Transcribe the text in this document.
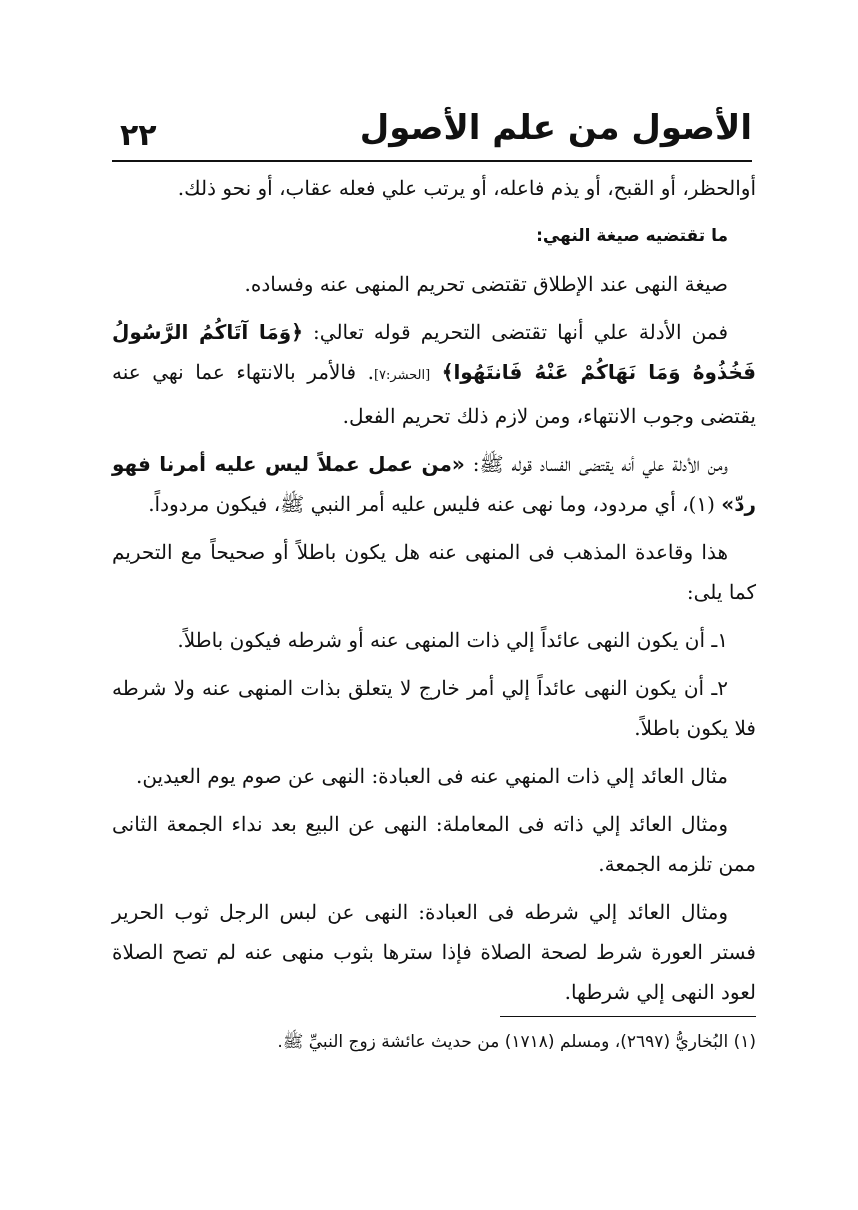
٢٢	الأصول من علم الأصول

أوالحظر، أو القبح، أو يذم فاعله، أو يرتب علي فعله عقاب، أو نحو ذلك.

ما تقتضيه صيغة النهي:

صيغة النهى عند الإطلاق تقتضى تحريم المنهى عنه وفساده.

فمن الأدلة علي أنها تقتضى التحريم قوله تعالي: ﴿وَمَا آتَاكُمُ الرَّسُولُ فَخُذُوهُ وَمَا نَهَاكُمْ عَنْهُ فَانتَهُوا﴾ [الحشر:٧]. فالأمر بالانتهاء عما نهي عنه يقتضى وجوب الانتهاء، ومن لازم ذلك تحريم الفعل.

ومن الأدلة علي أنه يقتضى الفساد قوله ﷺ: «من عمل عملاً ليس عليه أمرنا فهو ردّ» (١)، أي مردود، وما نهى عنه فليس عليه أمر النبي ﷺ، فيكون مردوداً.

هذا وقاعدة المذهب فى المنهى عنه هل يكون باطلاً أو صحيحاً مع التحريم كما يلى:

١ـ أن يكون النهى عائداً إلي ذات المنهى عنه أو شرطه فيكون باطلاً.

٢ـ أن يكون النهى عائداً إلي أمر خارج لا يتعلق بذات المنهى عنه ولا شرطه فلا يكون باطلاً.

مثال العائد إلي ذات المنهي عنه فى العبادة: النهى عن صوم يوم العيدين.

ومثال العائد إلي ذاته فى المعاملة: النهى عن البيع بعد نداء الجمعة الثانى ممن تلزمه الجمعة.

ومثال العائد إلي شرطه فى العبادة: النهى عن لبس الرجل ثوب الحرير فستر العورة شرط لصحة الصلاة فإذا سترها بثوب منهى عنه لم تصح الصلاة لعود النهى إلي شرطها.

(١) البُخاريُّ (٢٦٩٧)، ومسلم (١٧١٨) من حديث عائشة زوج النبيِّ ﷺ.
